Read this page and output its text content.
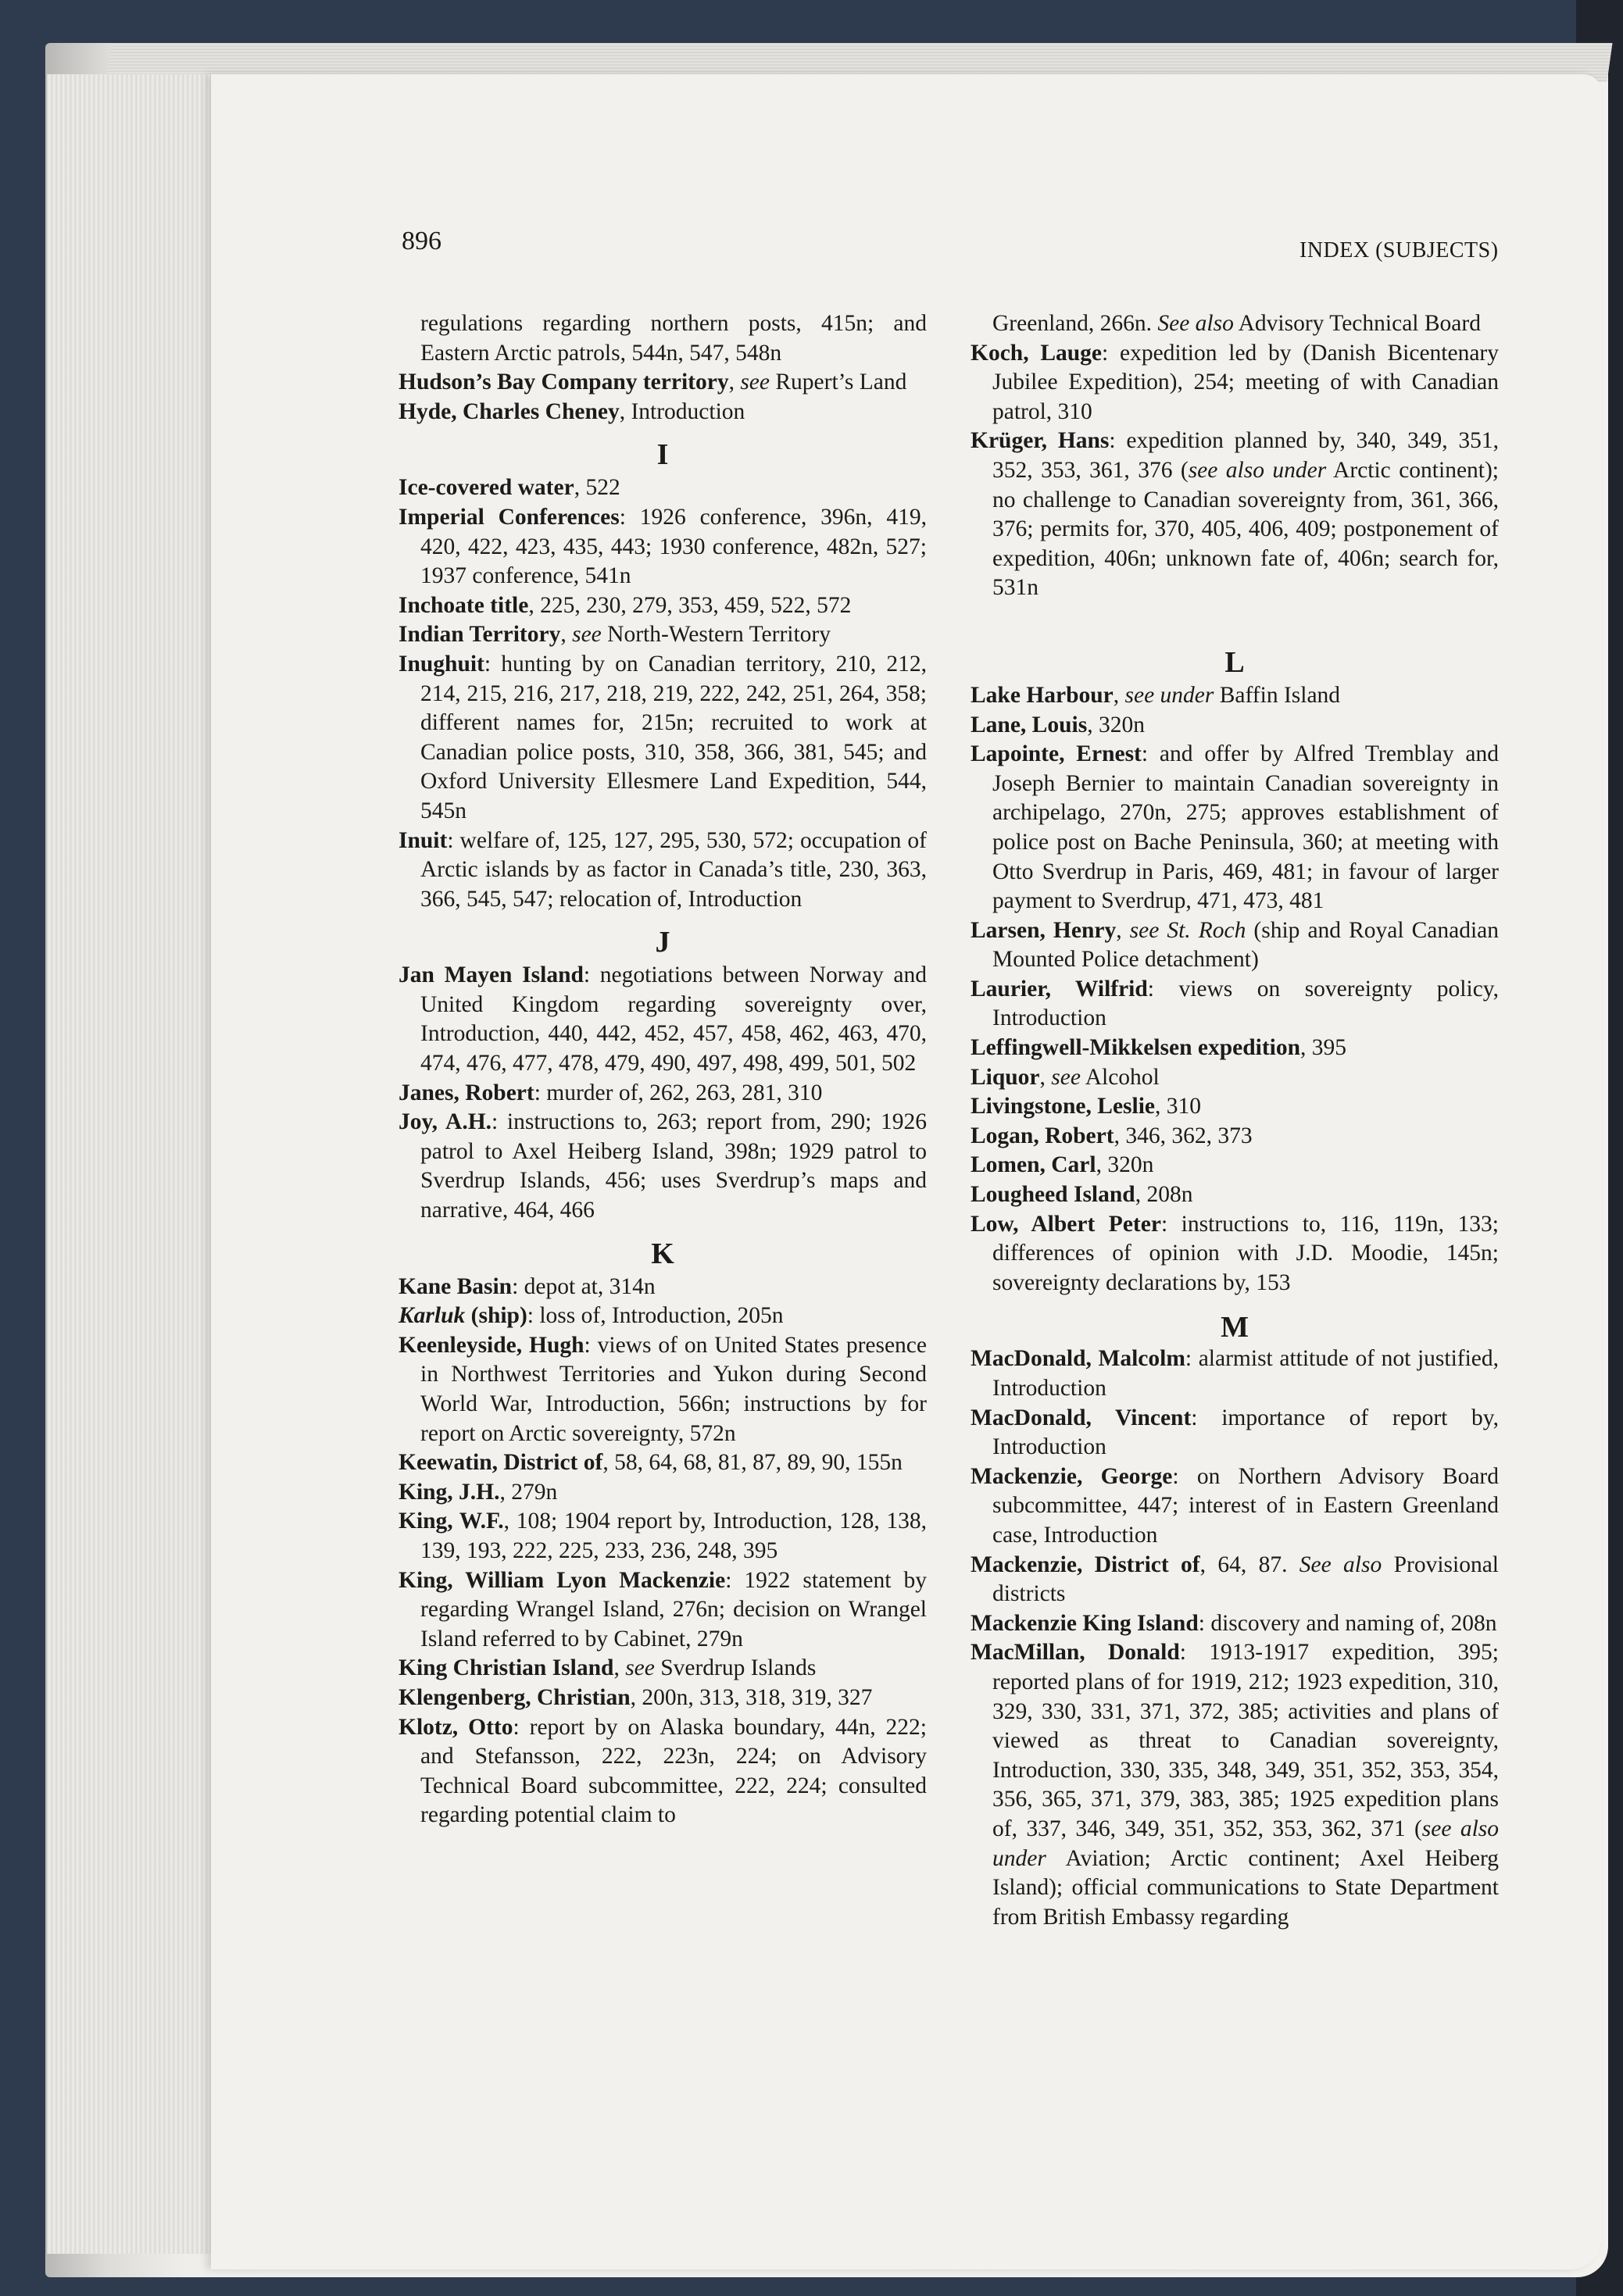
896	INDEX (SUBJECTS)
regulations regarding northern posts, 415n; and Eastern Arctic patrols, 544n, 547, 548n
Hudson’s Bay Company territory, see Rupert’s Land
Hyde, Charles Cheney, Introduction
I
Ice-covered water, 522
Imperial Conferences: 1926 conference, 396n, 419, 420, 422, 423, 435, 443; 1930 conference, 482n, 527; 1937 conference, 541n
Inchoate title, 225, 230, 279, 353, 459, 522, 572
Indian Territory, see North-Western Territory
Inughuit: hunting by on Canadian territory, 210, 212, 214, 215, 216, 217, 218, 219, 222, 242, 251, 264, 358; different names for, 215n; recruited to work at Canadian police posts, 310, 358, 366, 381, 545; and Oxford University Ellesmere Land Expedition, 544, 545n
Inuit: welfare of, 125, 127, 295, 530, 572; occupation of Arctic islands by as factor in Canada’s title, 230, 363, 366, 545, 547; relocation of, Introduction
J
Jan Mayen Island: negotiations between Norway and United Kingdom regarding sovereignty over, Introduction, 440, 442, 452, 457, 458, 462, 463, 470, 474, 476, 477, 478, 479, 490, 497, 498, 499, 501, 502
Janes, Robert: murder of, 262, 263, 281, 310
Joy, A.H.: instructions to, 263; report from, 290; 1926 patrol to Axel Heiberg Island, 398n; 1929 patrol to Sverdrup Islands, 456; uses Sverdrup’s maps and narrative, 464, 466
K
Kane Basin: depot at, 314n
Karluk (ship): loss of, Introduction, 205n
Keenleyside, Hugh: views of on United States presence in Northwest Territories and Yukon during Second World War, Introduction, 566n; instructions by for report on Arctic sovereignty, 572n
Keewatin, District of, 58, 64, 68, 81, 87, 89, 90, 155n
King, J.H., 279n
King, W.F., 108; 1904 report by, Introduction, 128, 138, 139, 193, 222, 225, 233, 236, 248, 395
King, William Lyon Mackenzie: 1922 statement by regarding Wrangel Island, 276n; decision on Wrangel Island referred to by Cabinet, 279n
King Christian Island, see Sverdrup Islands
Klengenberg, Christian, 200n, 313, 318, 319, 327
Klotz, Otto: report by on Alaska boundary, 44n, 222; and Stefansson, 222, 223n, 224; on Advisory Technical Board subcommittee, 222, 224; consulted regarding potential claim to
Greenland, 266n. See also Advisory Technical Board
Koch, Lauge: expedition led by (Danish Bicentenary Jubilee Expedition), 254; meeting of with Canadian patrol, 310
Krüger, Hans: expedition planned by, 340, 349, 351, 352, 353, 361, 376 (see also under Arctic continent); no challenge to Canadian sovereignty from, 361, 366, 376; permits for, 370, 405, 406, 409; postponement of expedition, 406n; unknown fate of, 406n; search for, 531n
L
Lake Harbour, see under Baffin Island
Lane, Louis, 320n
Lapointe, Ernest: and offer by Alfred Tremblay and Joseph Bernier to maintain Canadian sovereignty in archipelago, 270n, 275; approves establishment of police post on Bache Peninsula, 360; at meeting with Otto Sverdrup in Paris, 469, 481; in favour of larger payment to Sverdrup, 471, 473, 481
Larsen, Henry, see St. Roch (ship and Royal Canadian Mounted Police detachment)
Laurier, Wilfrid: views on sovereignty policy, Introduction
Leffingwell-Mikkelsen expedition, 395
Liquor, see Alcohol
Livingstone, Leslie, 310
Logan, Robert, 346, 362, 373
Lomen, Carl, 320n
Lougheed Island, 208n
Low, Albert Peter: instructions to, 116, 119n, 133; differences of opinion with J.D. Moodie, 145n; sovereignty declarations by, 153
M
MacDonald, Malcolm: alarmist attitude of not justified, Introduction
MacDonald, Vincent: importance of report by, Introduction
Mackenzie, George: on Northern Advisory Board subcommittee, 447; interest of in Eastern Greenland case, Introduction
Mackenzie, District of, 64, 87. See also Provisional districts
Mackenzie King Island: discovery and naming of, 208n
MacMillan, Donald: 1913-1917 expedition, 395; reported plans of for 1919, 212; 1923 expedition, 310, 329, 330, 331, 371, 372, 385; activities and plans of viewed as threat to Canadian sovereignty, Introduction, 330, 335, 348, 349, 351, 352, 353, 354, 356, 365, 371, 379, 383, 385; 1925 expedition plans of, 337, 346, 349, 351, 352, 353, 362, 371 (see also under Aviation; Arctic continent; Axel Heiberg Island); official communications to State Department from British Embassy regarding
